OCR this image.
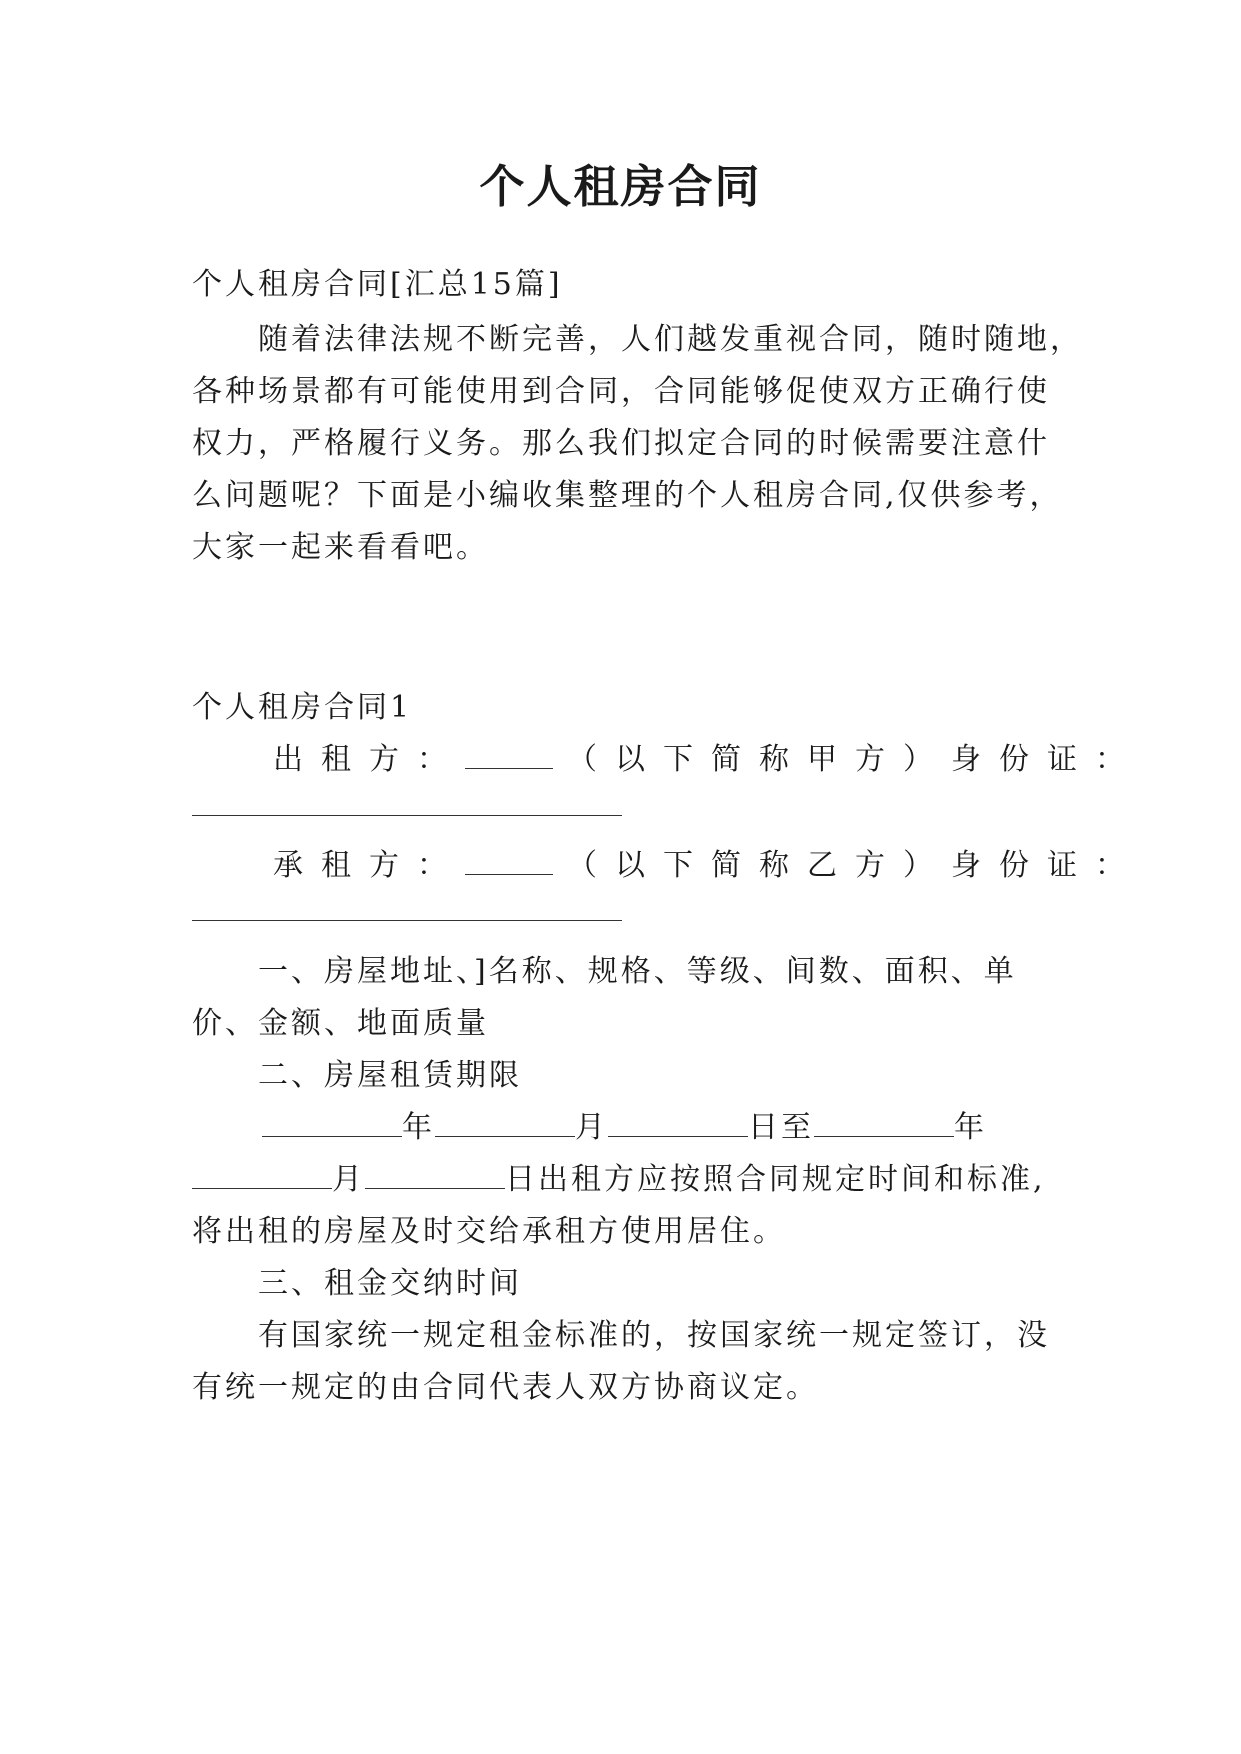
个人租房合同
个人租房合同[汇总15篇]
随着法律法规不断完善，人们越发重视合同，随时随地，
各种场景都有可能使用到合同，合同能够促使双方正确行使
权力，严格履行义务。那么我们拟定合同的时候需要注意什
么问题呢？下面是小编收集整理的个人租房合同,仅供参考，
大家一起来看看吧。
个人租房合同1
出租方：	（以下简称甲方）身份证：
承租方：	（以下简称乙方）身份证：
一、房屋地址、]名称、规格、等级、间数、面积、单
价、金额、地面质量
二、房屋租赁期限
年	月	日至	年
月	日出租方应按照合同规定时间和标准,
将出租的房屋及时交给承租方使用居住。
三、租金交纳时间
有国家统一规定租金标准的，按国家统一规定签订，没
有统一规定的由合同代表人双方协商议定。
